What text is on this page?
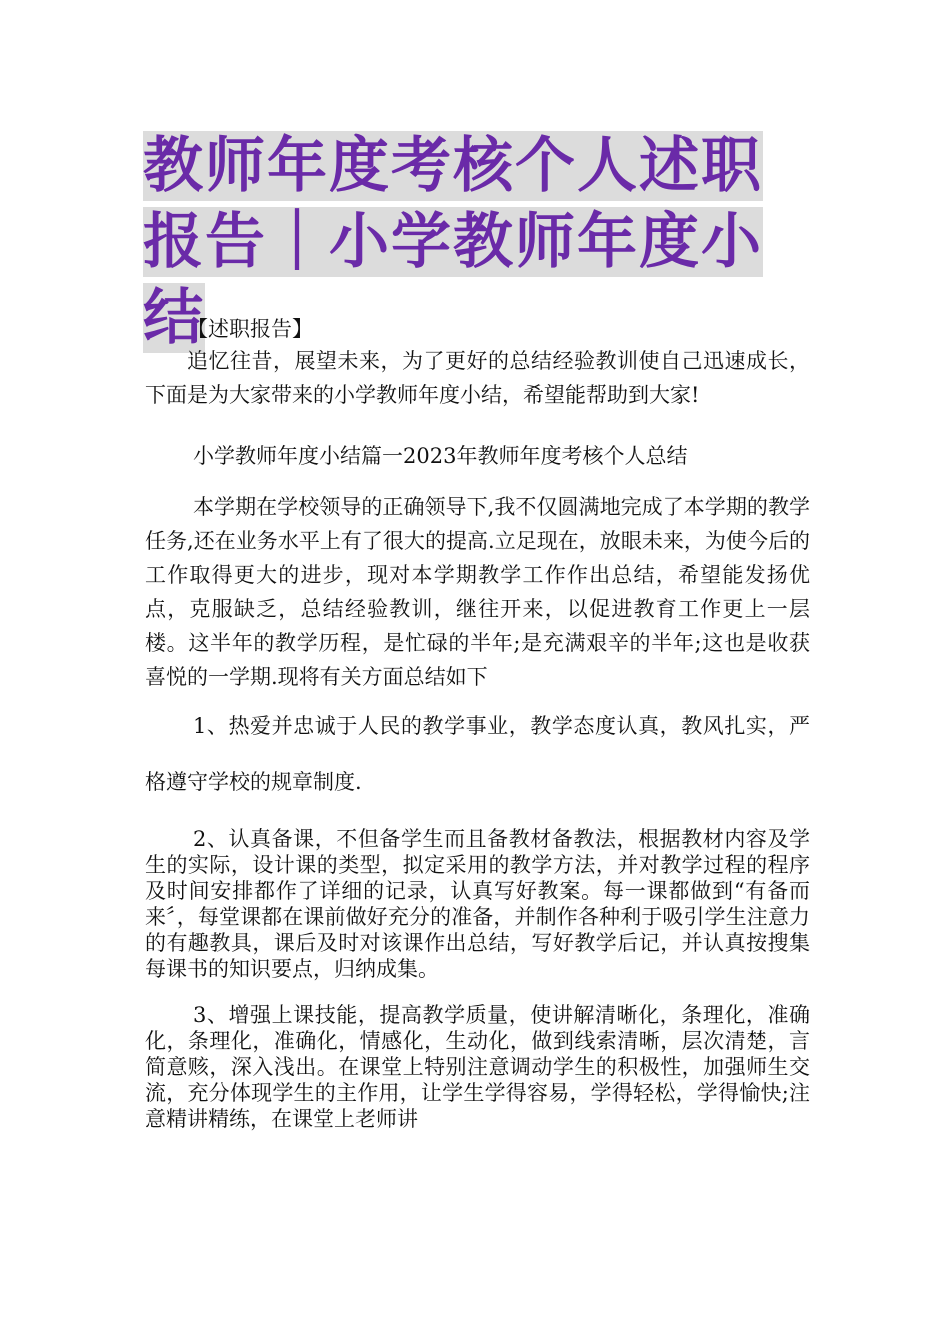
教师年度考核个人述职报告｜小学教师年度小结

【述职报告】

追忆往昔，展望未来，为了更好的总结经验教训使自己迅速成长，下面是为大家带来的小学教师年度小结，希望能帮助到大家!

小学教师年度小结篇一2023年教师年度考核个人总结

本学期在学校领导的正确领导下,我不仅圆满地完成了本学期的教学任务,还在业务水平上有了很大的提高.立足现在，放眼未来，为使今后的工作取得更大的进步，现对本学期教学工作作出总结，希望能发扬优点，克服缺乏，总结经验教训，继往开来，以促进教育工作更上一层楼。这半年的教学历程，是忙碌的半年;是充满艰辛的半年;这也是收获喜悦的一学期.现将有关方面总结如下

1、热爱并忠诚于人民的教学事业，教学态度认真，教风扎实，严格遵守学校的规章制度.

2、认真备课，不但备学生而且备教材备教法，根据教材内容及学生的实际，设计课的类型，拟定采用的教学方法，并对教学过程的程序及时间安排都作了详细的记录，认真写好教案。每一课都做到“有备而来〞，每堂课都在课前做好充分的准备，并制作各种利于吸引学生注意力的有趣教具，课后及时对该课作出总结，写好教学后记，并认真按搜集每课书的知识要点，归纳成集。

3、增强上课技能，提高教学质量，使讲解清晰化，条理化，准确化，条理化，准确化，情感化，生动化，做到线索清晰，层次清楚，言简意赅，深入浅出。在课堂上特别注意调动学生的积极性，加强师生交流，充分体现学生的主作用，让学生学得容易，学得轻松，学得愉快;注意精讲精练，在课堂上老师讲
